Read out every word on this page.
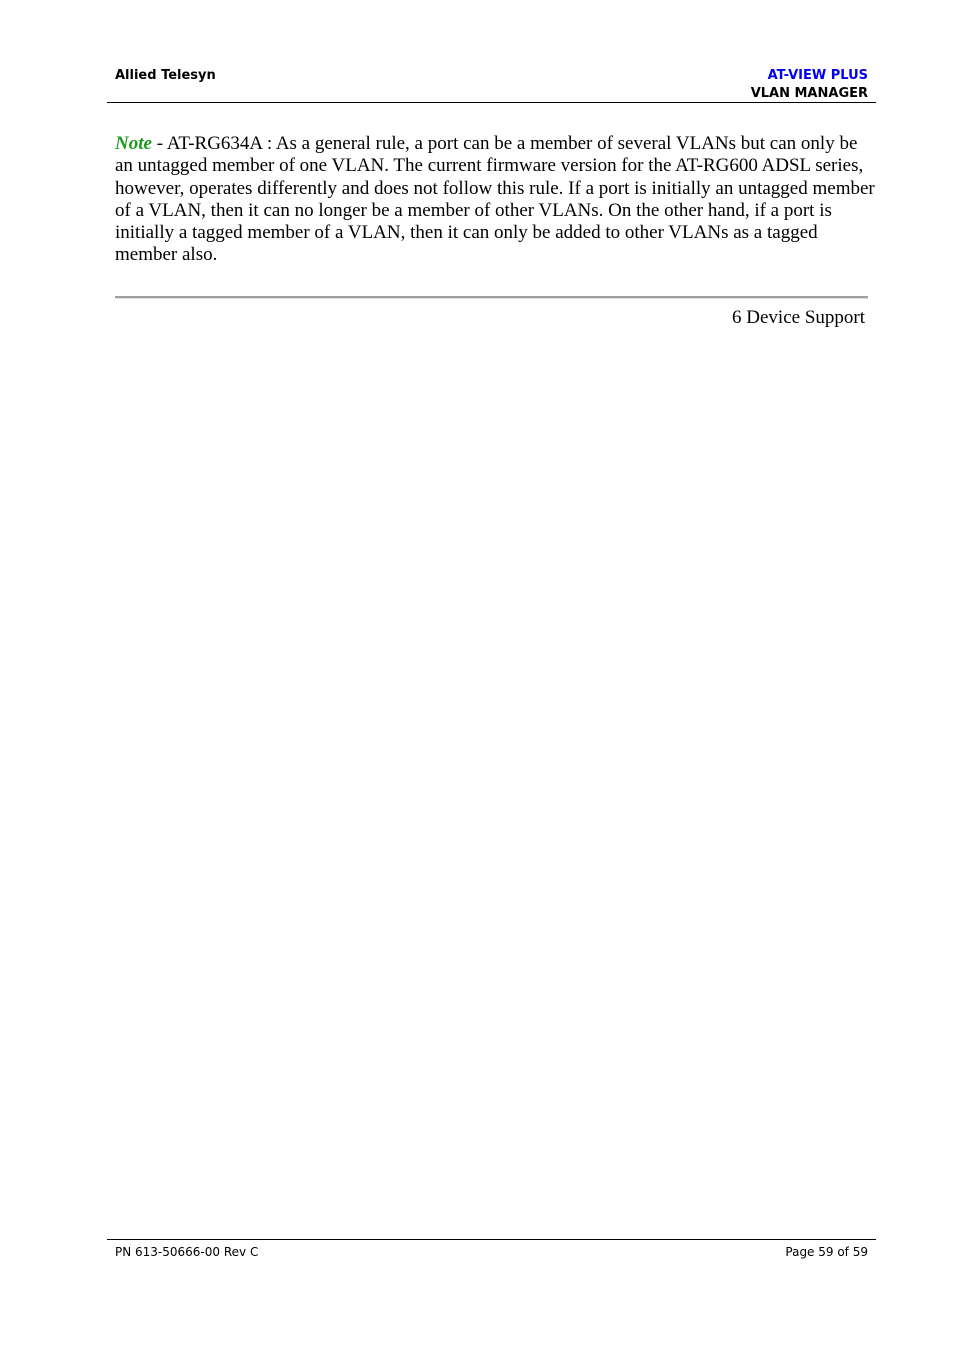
Allied Telesyn	AT-VIEW PLUS
VLAN MANAGER
Note - AT-RG634A : As a general rule, a port can be a member of several VLANs but can only be an untagged member of one VLAN. The current firmware version for the AT-RG600 ADSL series, however, operates differently and does not follow this rule. If a port is initially an untagged member of a VLAN, then it can no longer be a member of other VLANs. On the other hand, if a port is initially a tagged member of a VLAN, then it can only be added to other VLANs as a tagged member also.
6 Device Support
PN 613-50666-00 Rev C	Page 59 of 59
